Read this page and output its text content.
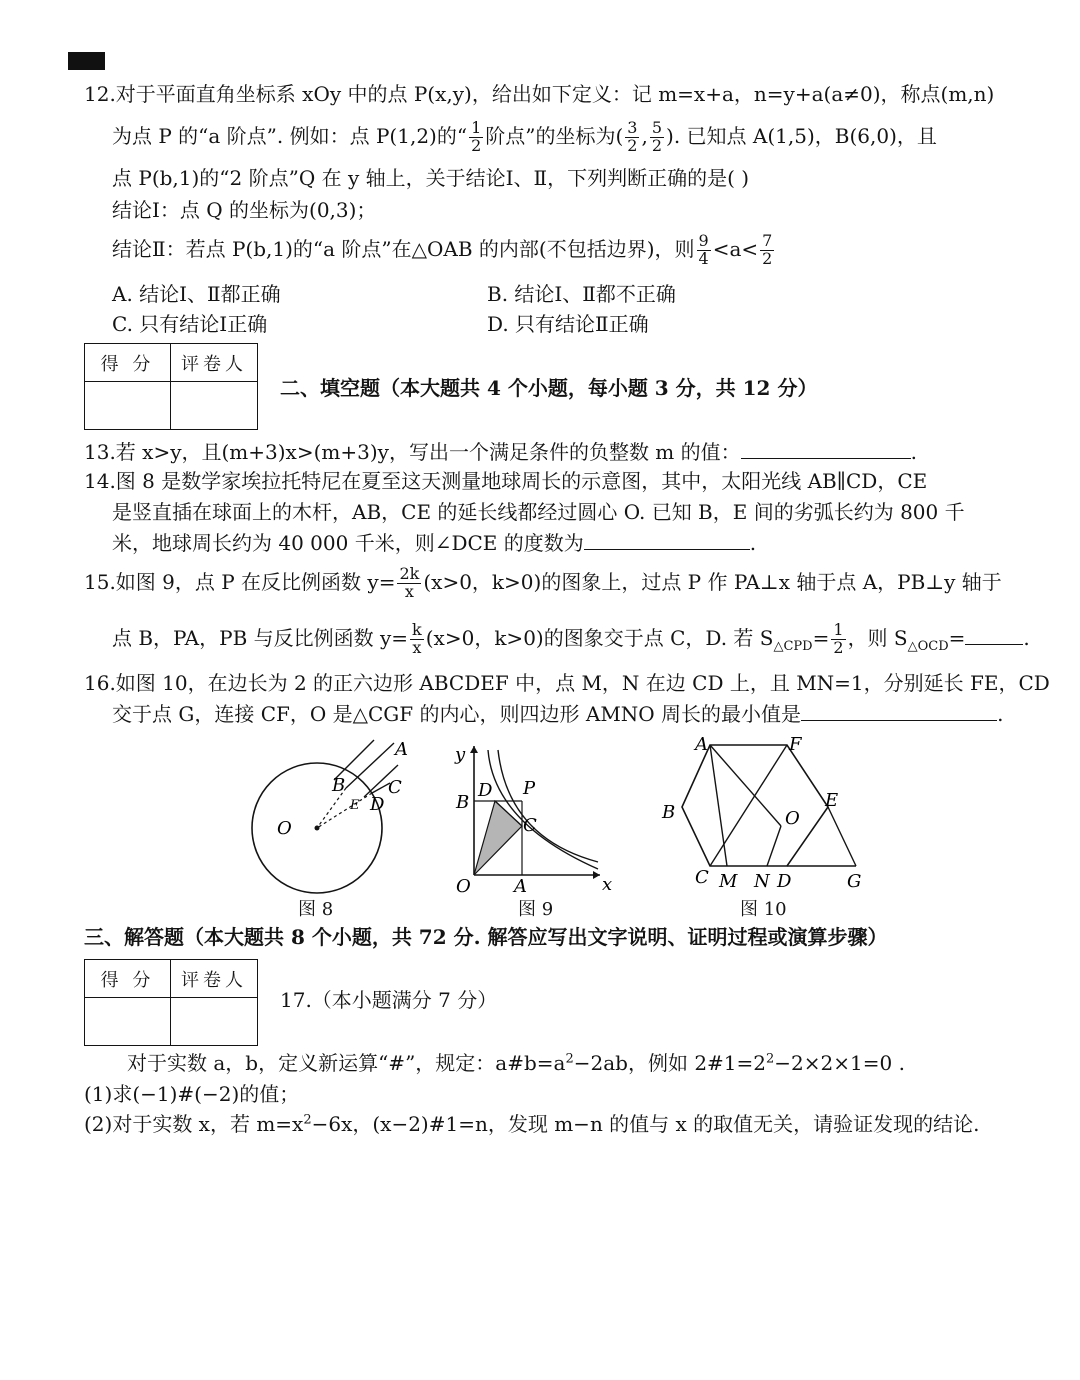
12.对于平面直角坐标系 xOy 中的点 P(x,y)，给出如下定义：记 m=x+a，n=y+a(a≠0)，称点(m,n)
为点 P 的“a 阶点”. 例如：点 P(1,2)的“ $\frac{1}{2}$ 阶点”的坐标为( $\frac{3}{2}$ , $\frac{5}{2}$ ). 已知点 A(1,5)，B(6,0)，且
点 P(b,1)的“2 阶点”Q 在 y 轴上，关于结论Ⅰ、Ⅱ，下列判断正确的是( )
结论Ⅰ：点 Q 的坐标为(0,3)；
结论Ⅱ：若点 P(b,1)的“a 阶点”在△OAB 的内部(不包括边界)，则 $\frac{9}{4} <a< \frac{7}{2}$
A. 结论Ⅰ、Ⅱ都正确	B. 结论Ⅰ、Ⅱ都不正确
C. 只有结论Ⅰ正确	D. 只有结论Ⅱ正确
得 分	评卷人
二、填空题（本大题共 4 个小题，每小题 3 分，共 12 分）
13.若 x>y，且(m+3)x>(m+3)y，写出一个满足条件的负整数 m 的值：	.
14.图 8 是数学家埃拉托特尼在夏至这天测量地球周长的示意图，其中，太阳光线 AB∥CD，CE
是竖直插在球面上的木杆，AB，CE 的延长线都经过圆心 O. 已知 B，E 间的劣弧长约为 800 千
米，地球周长约为 40 000 千米，则∠DCE 的度数为	.
15.如图 9，点 P 在反比例函数 $y= \frac{2k}{x} (x>0$，k>0)的图象上，过点 P 作 PA⊥x 轴于点 A，PB⊥y 轴于
点 B，PA，PB 与反比例函数 $y= \frac{k}{x} (x>0$，k>0)的图象交于点 C，D. 若 $S_{\triangle CPD}= \frac{1}{2}$ ，则 $S_{\triangle OCD}=$	.
16.如图 10，在边长为 2 的正六边形 ABCDEF 中，点 M，N 在边 CD 上，且 MN=1，分别延长 FE，CD
交于点 G，连接 CF，O 是△CGF 的内心，则四边形 AMNO 周长的最小值是	.
A
B C
D
E
O
图 8
y
x
O A
B
C
D P
图 9
A	F
B
E
O
C M N D	G
图 10
三、解答题（本大题共 8 个小题，共 72 分. 解答应写出文字说明、证明过程或演算步骤）
得 分	评卷人
17.（本小题满分 7 分）
对于实数 a，b，定义新运算“#”，规定：$a\#b=a^2-2ab$，例如 $2\#1=2^2-2\times 2\times 1=0$ .
(1)求(−1)#(−2)的值；
(2)对于实数 x，若 $m=x^2-6x$，(x−2)#1=n，发现 m−n 的值与 x 的取值无关，请验证发现的结论.
